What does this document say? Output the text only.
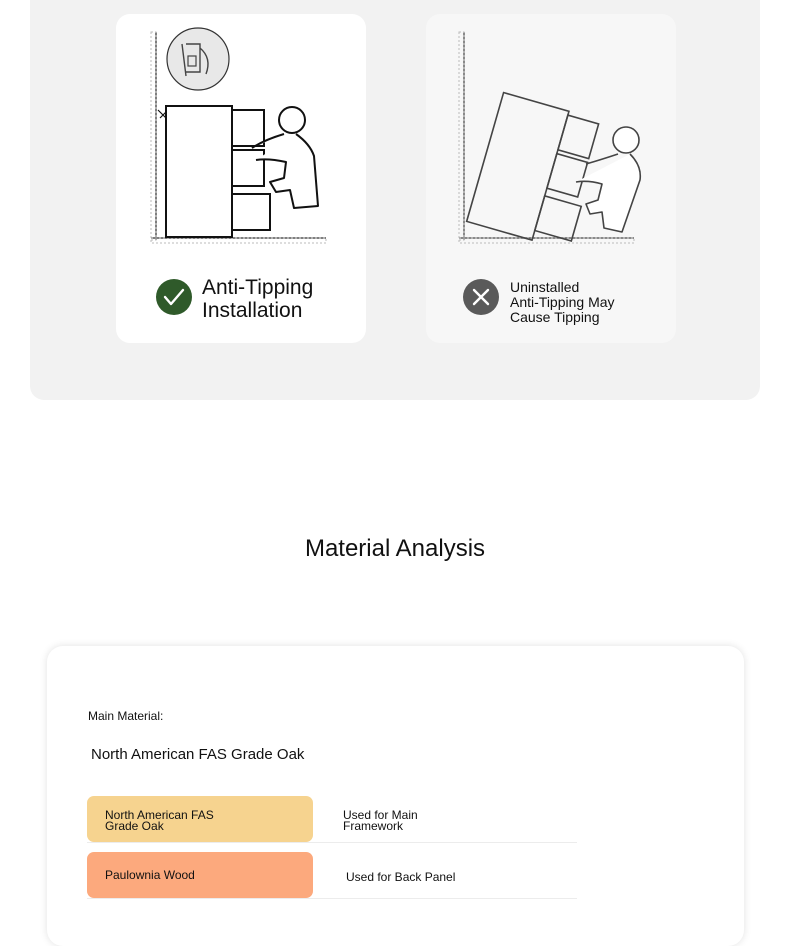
Anti-Tipping
Installation
Uninstalled
Anti-Tipping May
Cause Tipping
Material Analysis
Main Material:
North American FAS Grade Oak
North American FAS
Grade Oak
Used for Main
Framework
Paulownia Wood	Used for Back Panel
